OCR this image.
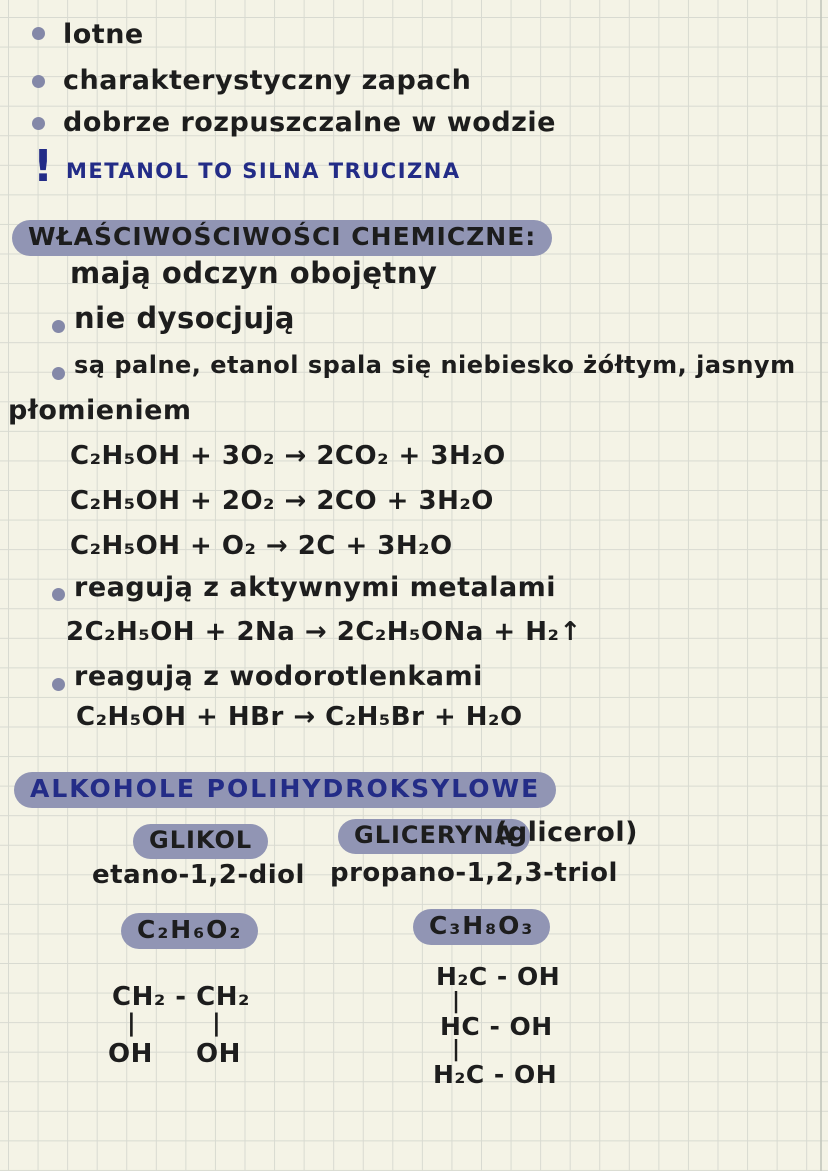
lotne
charakterystyczny zapach
dobrze rozpuszczalne w wodzie
! METANOL TO SILNA TRUCIZNA
WŁAŚCIWOŚCIWOŚCI CHEMICZNE:
mają odczyn obojętny
nie dysocjują
są palne, etanol spala się niebiesko żółtym, jasnym
płomieniem
C₂H₅OH + 3O₂ → 2CO₂ + 3H₂O
C₂H₅OH + 2O₂ → 2CO + 3H₂O
C₂H₅OH + O₂ → 2C + 3H₂O
reagują z aktywnymi metalami
2C₂H₅OH + 2Na → 2C₂H₅ONa + H₂↑
reagują z wodorotlenkami
C₂H₅OH + HBr → C₂H₅Br + H₂O
ALKOHOLE POLIHYDROKSYLOWE
GLIKOL
etano-1,2-diol
C₂H₆O₂
CH₂ - CH₂
|	|
OH OH
GLICERYNA
(glicerol)
propano-1,2,3-triol
C₃H₈O₃
H₂C - OH
|
HC - OH
|
H₂C - OH
